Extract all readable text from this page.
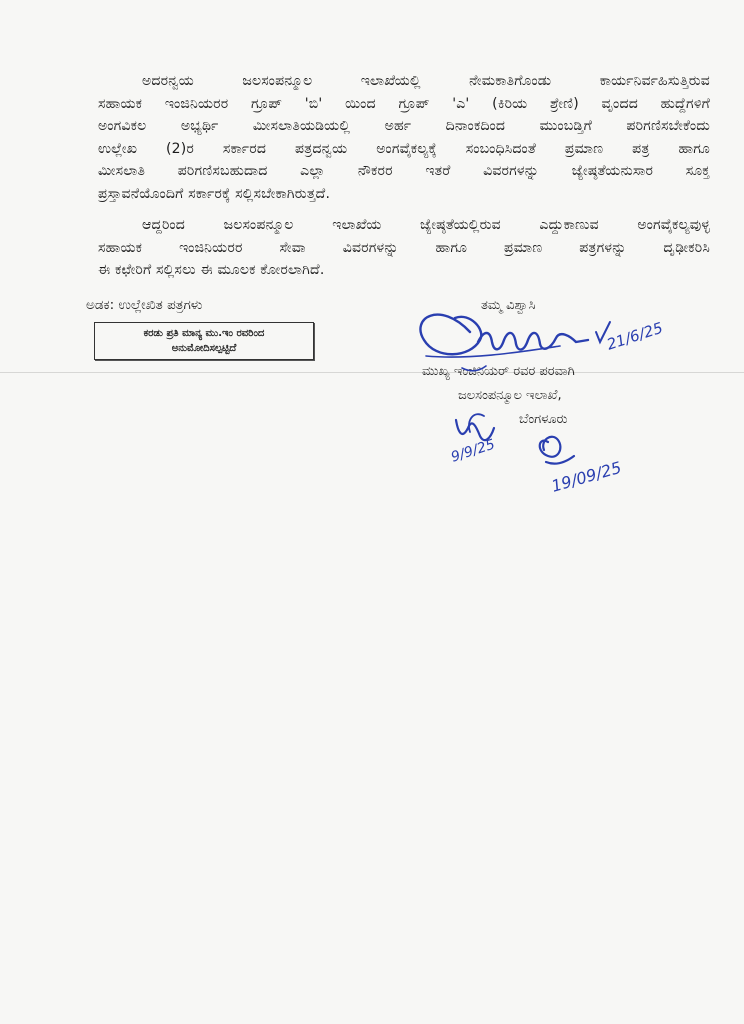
ಅದರನ್ವಯ ಜಲಸಂಪನ್ಮೂಲ ಇಲಾಖೆಯಲ್ಲಿ ನೇಮಕಾತಿಗೊಂಡು ಕಾರ್ಯನಿರ್ವಹಿಸುತ್ತಿರುವ
ಸಹಾಯಕ ಇಂಜಿನಿಯರರ ಗ್ರೂಪ್ 'ಬಿ' ಯಿಂದ ಗ್ರೂಪ್ 'ಎ' (ಕಿರಿಯ ಶ್ರೇಣಿ) ವೃಂದದ ಹುದ್ದೆಗಳಿಗೆ
ಅಂಗವಿಕಲ ಅಭ್ಯರ್ಥಿ ಮೀಸಲಾತಿಯಡಿಯಲ್ಲಿ ಅರ್ಹ ದಿನಾಂಕದಿಂದ ಮುಂಬಡ್ತಿಗೆ ಪರಿಗಣಿಸಬೇಕೆಂದು
ಉಲ್ಲೇಖ (2)ರ ಸರ್ಕಾರದ ಪತ್ರದನ್ವಯ ಅಂಗವೈಕಲ್ಯಕ್ಕೆ ಸಂಬಂಧಿಸಿದಂತೆ ಪ್ರಮಾಣ ಪತ್ರ ಹಾಗೂ
ಮೀಸಲಾತಿ ಪರಿಗಣಿಸಬಹುದಾದ ಎಲ್ಲಾ ನೌಕರರ ಇತರೆ ವಿವರಗಳನ್ನು ಜ್ಯೇಷ್ಠತೆಯನುಸಾರ ಸೂಕ್ತ
ಪ್ರಸ್ತಾವನೆಯೊಂದಿಗೆ ಸರ್ಕಾರಕ್ಕೆ ಸಲ್ಲಿಸಬೇಕಾಗಿರುತ್ತದೆ.
ಆದ್ದರಿಂದ ಜಲಸಂಪನ್ಮೂಲ ಇಲಾಖೆಯ ಜ್ಯೇಷ್ಠತೆಯಲ್ಲಿರುವ ಎದ್ದುಕಾಣುವ ಅಂಗವೈಕಲ್ಯವುಳ್ಳ
ಸಹಾಯಕ ಇಂಜಿನಿಯರರ ಸೇವಾ ವಿವರಗಳನ್ನು ಹಾಗೂ ಪ್ರಮಾಣ ಪತ್ರಗಳನ್ನು ದೃಢೀಕರಿಸಿ
ಈ ಕಛೇರಿಗೆ ಸಲ್ಲಿಸಲು ಈ ಮೂಲಕ ಕೋರಲಾಗಿದೆ.
ಅಡಕ: ಉಲ್ಲೇಖಿತ ಪತ್ರಗಳು
ಕರಡು ಪ್ರತಿ ಮಾನ್ಯ ಮು.ಇಂ ರವರಿಂದ
ಅನುಮೋದಿಸಲ್ಪಟ್ಟಿದೆ
ತಮ್ಮ ವಿಶ್ವಾಸಿ
ಮುಖ್ಯ ಇಂಜಿನಿಯರ್ ರವರ ಪರವಾಗಿ
ಜಲಸಂಪನ್ಮೂಲ ಇಲಾಖೆ,
ಬೆಂಗಳೂರು
21/6/25
9/9/25
19/09/25
